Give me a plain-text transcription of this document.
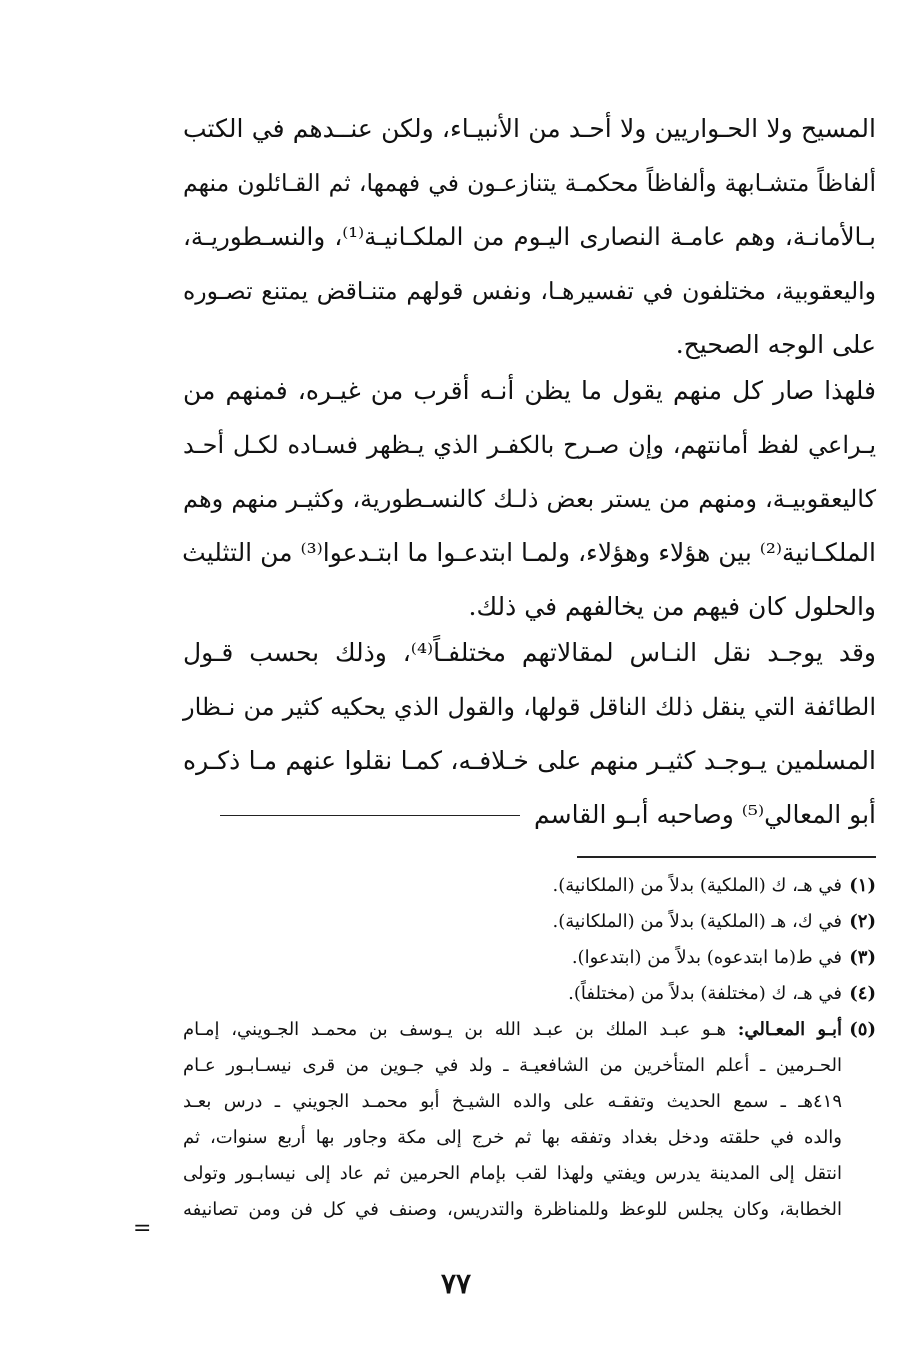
المسيح ولا الحـواريين ولا أحـد من الأنبيـاء، ولكن عنــدهم في الكتب
ألفاظاً متشـابهة وألفاظاً محكمـة يتنازعـون في فهمها، ثم القـائلون منهم
بـالأمانـة، وهم عامـة النصارى اليـوم من الملكـانيـة⁽¹⁾، والنسـطوريـة،
واليعقوبية، مختلفون في تفسيرهـا، ونفس قولهم متنـاقض يمتنع تصـوره
على الوجه الصحيح.
فلهذا صار كل منهم يقول ما يظن أنـه أقرب من غيـره، فمنهم من
يـراعي لفظ أمانتهم، وإن صـرح بالكفـر الذي يـظهر فسـاده لكـل أحـد
كاليعقوبيـة، ومنهم من يستر بعض ذلـك كالنسـطورية، وكثيـر منهم وهم
الملكـانية⁽²⁾ بين هؤلاء وهؤلاء، ولمـا ابتدعـوا ما ابتـدعوا⁽³⁾ من التثليث
والحلول كان فيهم من يخالفهم في ذلك.
وقد يوجـد نقل النـاس لمقالاتهم مختلفـاً⁽⁴⁾، وذلك بحسب قـول
الطائفة التي ينقل ذلك الناقل قولها، والقول الذي يحكيه كثير من نـظار
المسلمين يـوجـد كثيـر منهم على خـلافـه، كمـا نقلوا عنهم مـا ذكـره
أبو المعالي⁽⁵⁾ وصاحبه أبـو القاسم
(١)
في هـ، ك (الملكية) بدلاً من (الملكانية).
(٢)
في ك، هـ (الملكية) بدلاً من (الملكانية).
(٣)
في ط(ما ابتدعوه) بدلاً من (ابتدعوا).
(٤)
في هـ، ك (مختلفة) بدلاً من (مختلفاً).
(٥)
أبـو المعـالي: هـو عبـد الملك بن عبـد الله بن يـوسف بن محمـد الجـويني، إمـام
الحـرمين ـ أعلم المتأخرين من الشافعيـة ـ ولد في جـوين من قرى نيسـابـور عـام
٤١٩هـ ـ سمع الحديث وتفقـه على والده الشيـخ أبو محمـد الجويني ـ درس بعـد
والده في حلقته ودخل بغداد وتفقه بها ثم خرج إلى مكة وجاور بها أربع سنوات، ثم
انتقل إلى المدينة يدرس ويفتي ولهذا لقب بإمام الحرمين ثم عاد إلى نيسابـور وتولى
الخطابة، وكان يجلس للوعظ وللمناظرة والتدريس، وصنف في كل فن ومن تصانيفه
=
٧٧
